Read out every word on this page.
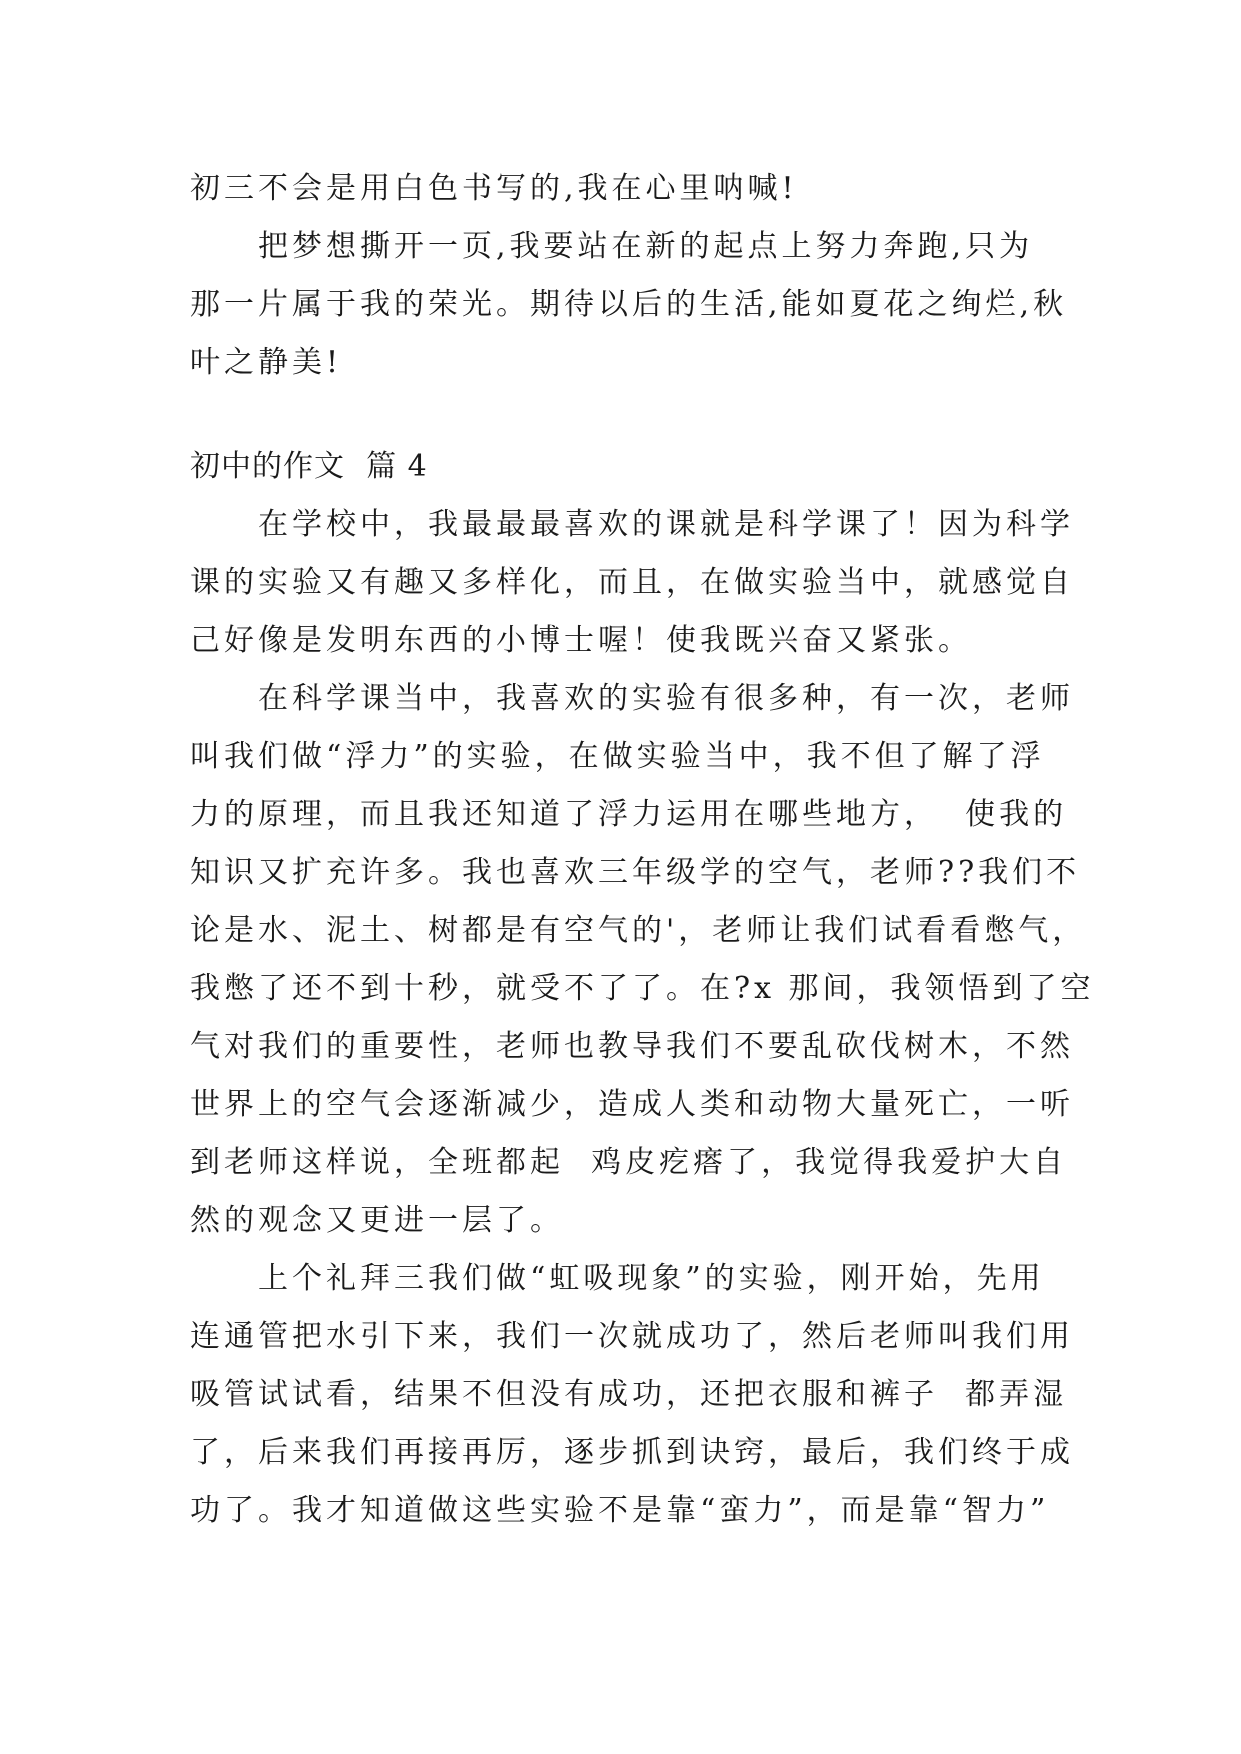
初三不会是用白色书写的,我在心里呐喊!
把梦想撕开一页,我要站在新的起点上努力奔跑,只为
那一片属于我的荣光。期待以后的生活,能如夏花之绚烂,秋
叶之静美!
初中的作文  篇 4
在学校中，我最最最喜欢的课就是科学课了！因为科学
课的实验又有趣又多样化，而且，在做实验当中，就感觉自
己好像是发明东西的小博士喔！使我既兴奋又紧张。
在科学课当中，我喜欢的实验有很多种，有一次，老师
叫我们做“浮力”的实验，在做实验当中，我不但了解了浮
力的原理，而且我还知道了浮力运用在哪些地方，  使我的
知识又扩充许多。我也喜欢三年级学的空气，老师??我们不
论是水、泥土、树都是有空气的'，老师让我们试看看憋气，
我憋了还不到十秒，就受不了了。在?x 那间，我领悟到了空
气对我们的重要性，老师也教导我们不要乱砍伐树木，不然
世界上的空气会逐渐减少，造成人类和动物大量死亡，一听
到老师这样说，全班都起  鸡皮疙瘩了，我觉得我爱护大自
然的观念又更进一层了。
上个礼拜三我们做“虹吸现象”的实验，刚开始，先用
连通管把水引下来，我们一次就成功了，然后老师叫我们用
吸管试试看，结果不但没有成功，还把衣服和裤子  都弄湿
了，后来我们再接再厉，逐步抓到诀窍，最后，我们终于成
功了。我才知道做这些实验不是靠“蛮力”，而是靠“智力”
